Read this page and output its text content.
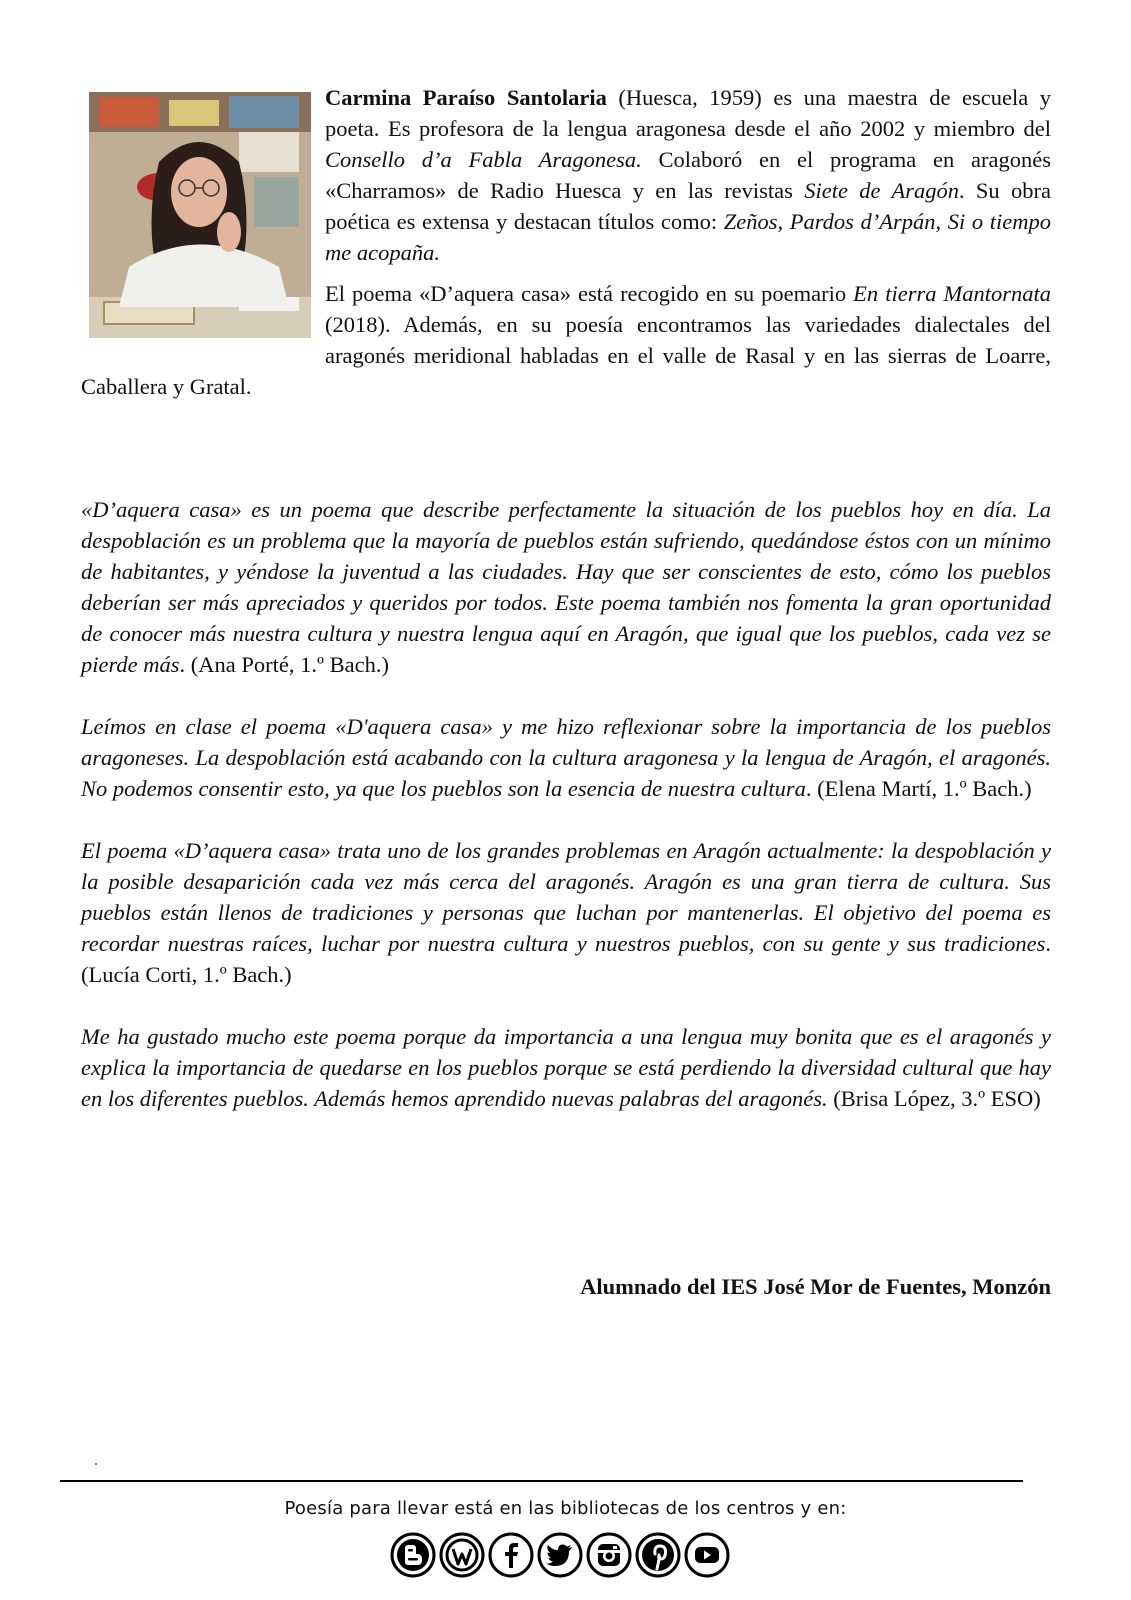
Carmina Paraíso Santolaria (Huesca, 1959) es una maestra de escuela y poeta. Es profesora de la lengua aragonesa desde el año 2002 y miembro del Consello d’a Fabla Aragonesa. Colaboró en el programa en aragonés «Charramos» de Radio Huesca y en las revistas Siete de Aragón. Su obra poética es extensa y destacan títulos como: Zeños, Pardos d’Arpán, Si o tiempo me acopaña.

El poema «D’aquera casa» está recogido en su poemario En tierra Mantornata (2018). Además, en su poesía encontramos las variedades dialectales del aragonés meridional habladas en el valle de Rasal y en las sierras de Loarre, Caballera y Gratal.

«D’aquera casa» es un poema que describe perfectamente la situación de los pueblos hoy en día. La despoblación es un problema que la mayoría de pueblos están sufriendo, quedándose éstos con un mínimo de habitantes, y yéndose la juventud a las ciudades. Hay que ser conscientes de esto, cómo los pueblos deberían ser más apreciados y queridos por todos. Este poema también nos fomenta la gran oportunidad de conocer más nuestra cultura y nuestra lengua aquí en Aragón, que igual que los pueblos, cada vez se pierde más. (Ana Porté, 1.º Bach.)

Leímos en clase el poema «D'aquera casa» y me hizo reflexionar sobre la importancia de los pueblos aragoneses. La despoblación está acabando con la cultura aragonesa y la lengua de Aragón, el aragonés. No podemos consentir esto, ya que los pueblos son la esencia de nuestra cultura. (Elena Martí, 1.º Bach.)

El poema «D’aquera casa» trata uno de los grandes problemas en Aragón actualmente: la despoblación y la posible desaparición cada vez más cerca del aragonés. Aragón es una gran tierra de cultura. Sus pueblos están llenos de tradiciones y personas que luchan por mantenerlas. El objetivo del poema es recordar nuestras raíces, luchar por nuestra cultura y nuestros pueblos, con su gente y sus tradiciones. (Lucía Corti, 1.º Bach.)

Me ha gustado mucho este poema porque da importancia a una lengua muy bonita que es el aragonés y explica la importancia de quedarse en los pueblos porque se está perdiendo la diversidad cultural que hay en los diferentes pueblos. Además hemos aprendido nuevas palabras del aragonés. (Brisa López, 3.º ESO)

Alumnado del IES José Mor de Fuentes, Monzón
Poesía para llevar está en las bibliotecas de los centros y en:
